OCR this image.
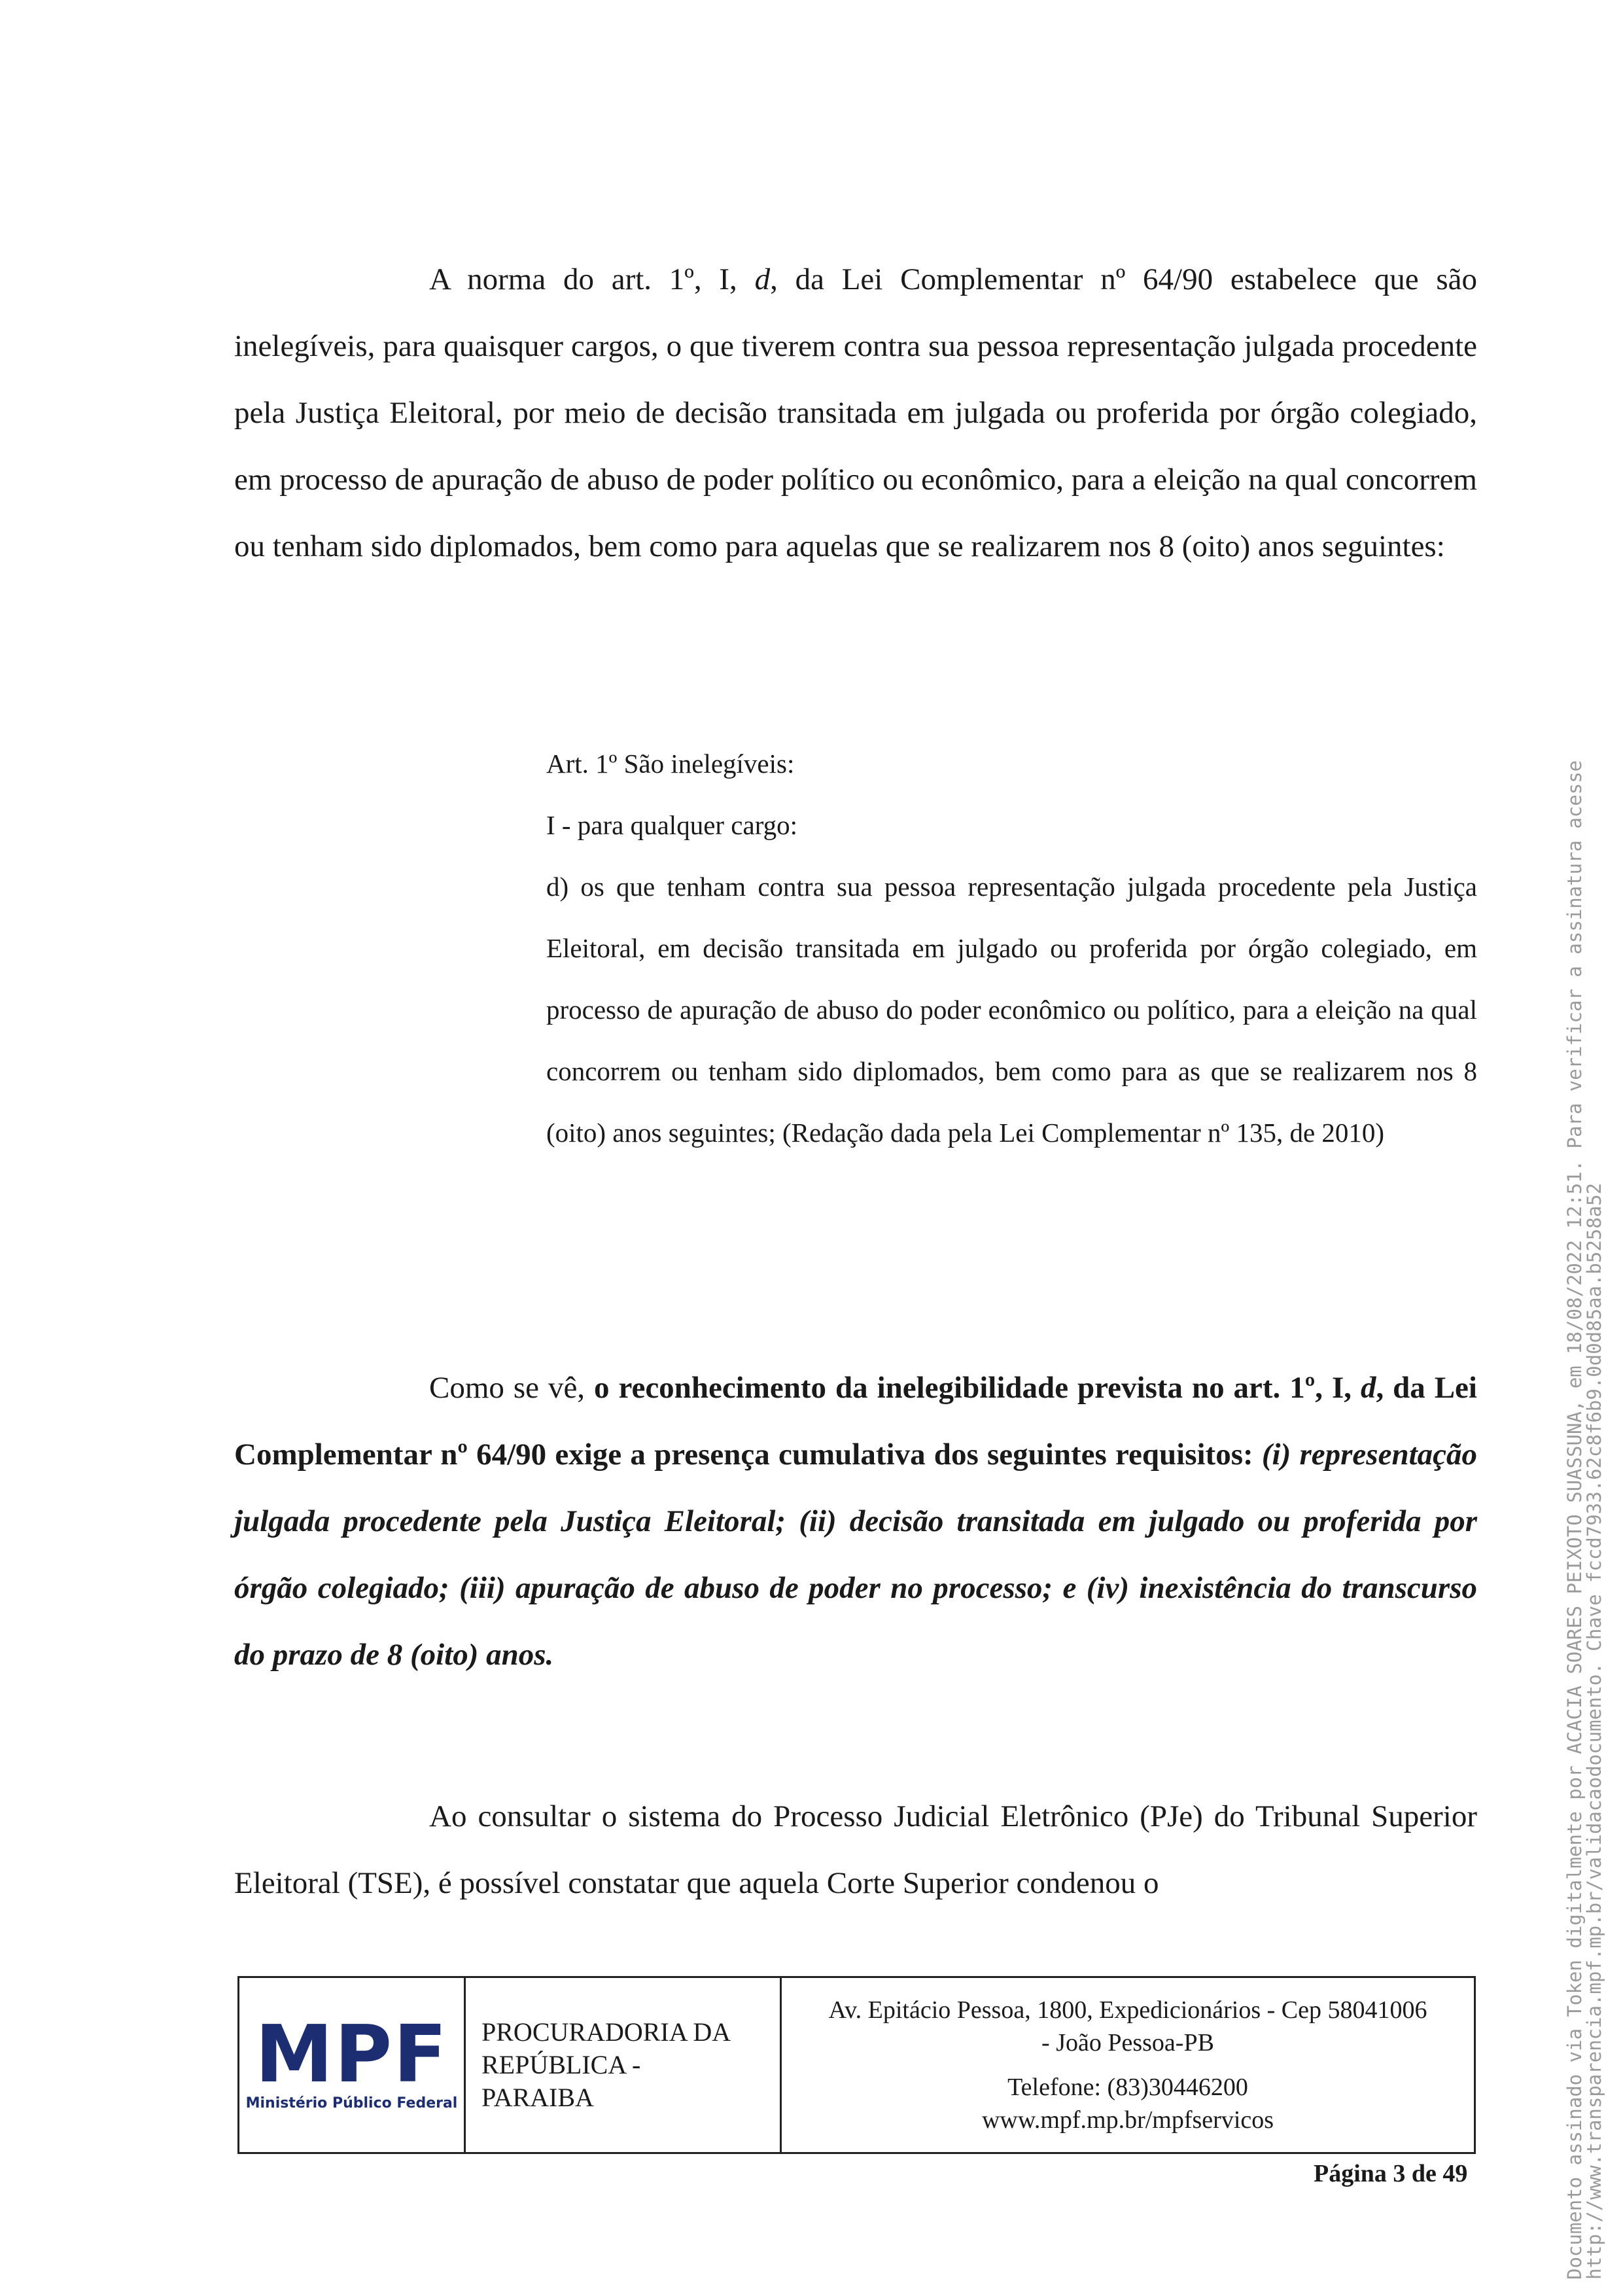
A norma do art. 1º, I, d, da Lei Complementar nº 64/90 estabelece que são inelegíveis, para quaisquer cargos, o que tiverem contra sua pessoa representação julgada procedente pela Justiça Eleitoral, por meio de decisão transitada em julgada ou proferida por órgão colegiado, em processo de apuração de abuso de poder político ou econômico, para a eleição na qual concorrem ou tenham sido diplomados, bem como para aquelas que se realizarem nos 8 (oito) anos seguintes:

Art. 1º São inelegíveis:
I - para qualquer cargo:
d) os que tenham contra sua pessoa representação julgada procedente pela Justiça Eleitoral, em decisão transitada em julgado ou proferida por órgão colegiado, em processo de apuração de abuso do poder econômico ou político, para a eleição na qual concorrem ou tenham sido diplomados, bem como para as que se realizarem nos 8 (oito) anos seguintes; (Redação dada pela Lei Complementar nº 135, de 2010)

Como se vê, o reconhecimento da inelegibilidade prevista no art. 1º, I, d, da Lei Complementar nº 64/90 exige a presença cumulativa dos seguintes requisitos: (i) representação julgada procedente pela Justiça Eleitoral; (ii) decisão transitada em julgado ou proferida por órgão colegiado; (iii) apuração de abuso de poder no processo; e (iv) inexistência do transcurso do prazo de 8 (oito) anos.

Ao consultar o sistema do Processo Judicial Eletrônico (PJe) do Tribunal Superior Eleitoral (TSE), é possível constatar que aquela Corte Superior condenou o

MPF
Ministério Público Federal
PROCURADORIA DA
REPÚBLICA -
PARAIBA
Av. Epitácio Pessoa, 1800, Expedicionários - Cep 58041006
- João Pessoa-PB
Telefone: (83)30446200
www.mpf.mp.br/mpfservicos
Página 3 de 49	Documento assinado via Token digitalmente por ACACIA SOARES PEIXOTO SUASSUNA, em 18/08/2022 12:51. Para verificar a assinatura acesse
http://www.transparencia.mpf.mp.br/validacaodocumento. Chave fccd7933.62c8f6b9.0d0d85aa.b5258a52
